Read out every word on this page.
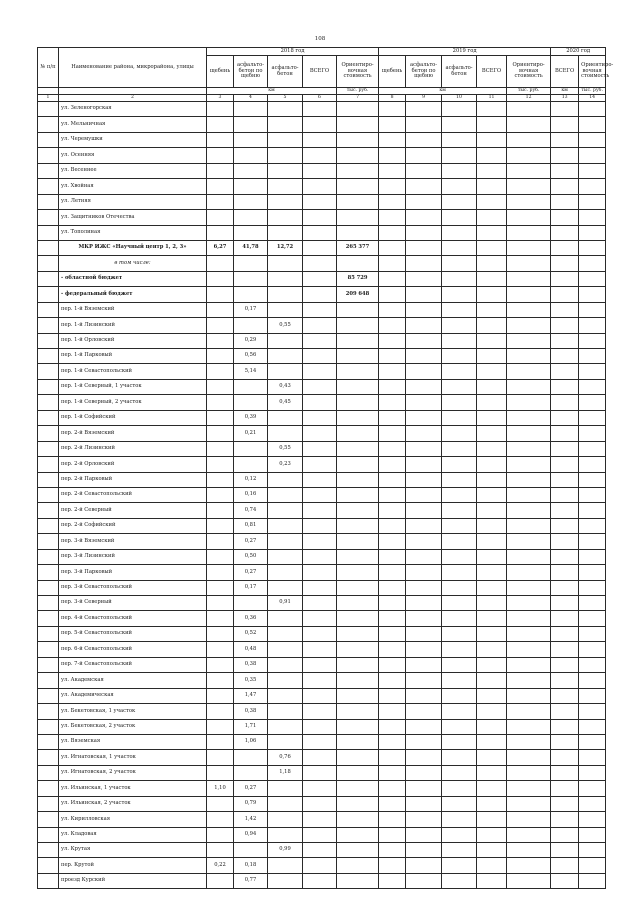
108
№ п/п	Наименование района, микрорайона, улицы	2018 год					2019 год					2020 год	
		щебень	асфальто-бетон по щебню	асфальто-бетон	ВСЕГО	Ориентиро-вочная стоимость	щебень	асфальто-бетон по щебню	асфальто-бетон	ВСЕГО	Ориентиро-вочная стоимость	ВСЕГО	Ориентиро-вочная стоимость
		км				тыс. руб.	км				тыс. руб.	км	тыс. руб.
1	2	3	4	5	6	7	8	9	10	11	12	13	14
	ул. Зеленогорская												
	ул. Мельничная												
	ул. Черемушки												
	ул. Осенняя												
	ул. Весеннее												
	ул. Хвойная												
	ул. Летняя												
	ул. Защитников Отечества												
	ул. Тополиная												
	МКР ИЖС «Научный центр 1, 2, 3»	6,27	41,78	12,72		265 377							
	в том числе:												
	- областной бюджет					85 729							
	- федеральный бюджет					209 648							
	пер. 1-й Вяземский		0,17										
	пер. 1-й Лизинский			0,55									
	пер. 1-й Орловский		0,29										
	пер. 1-й Парковый		0,56										
	пер. 1-й Севастопольский		5,14										
	пер. 1-й Северный, 1 участок			0,43									
	пер. 1-й Северный, 2 участок			0,45									
	пер. 1-й Софийский		0,39										
	пер. 2-й Вяземский		0,21										
	пер. 2-й Лизинский			0,55									
	пер. 2-й Орловский			0,23									
	пер. 2-й Парковый		0,12										
	пер. 2-й Севастопольский		0,16										
	пер. 2-й Северный		0,74										
	пер. 2-й Софийский		0,81										
	пер. 3-й Вяземский		0,27										
	пер. 3-й Лизинский		0,50										
	пер. 3-й Парковый		0,27										
	пер. 3-й Севастопольский		0,17										
	пер. 3-й Северный			0,91									
	пер. 4-й Севастопольский		0,36										
	пер. 5-й Севастопольский		0,52										
	пер. 6-й Севастопольский		0,48										
	пер. 7-й Севастопольский		0,38										
	ул. Академская		0,35										
	ул. Академическая		1,47										
	ул. Бекетовская, 1 участок		0,38										
	ул. Бекетовская, 2 участок		1,71										
	ул. Вяземская		1,06										
	ул. Игнатовская, 1 участок			0,76									
	ул. Игнатовская, 2 участок			1,18									
	ул. Ильинская, 1 участок	1,10	0,27										
	ул. Ильинская, 2 участок		0,79										
	ул. Кирилловская		1,42										
	ул. Кладовая		0,94										
	ул. Крутая			0,99									
	пер. Крутой	0,22	0,18										
	проезд Курский		0,77										
